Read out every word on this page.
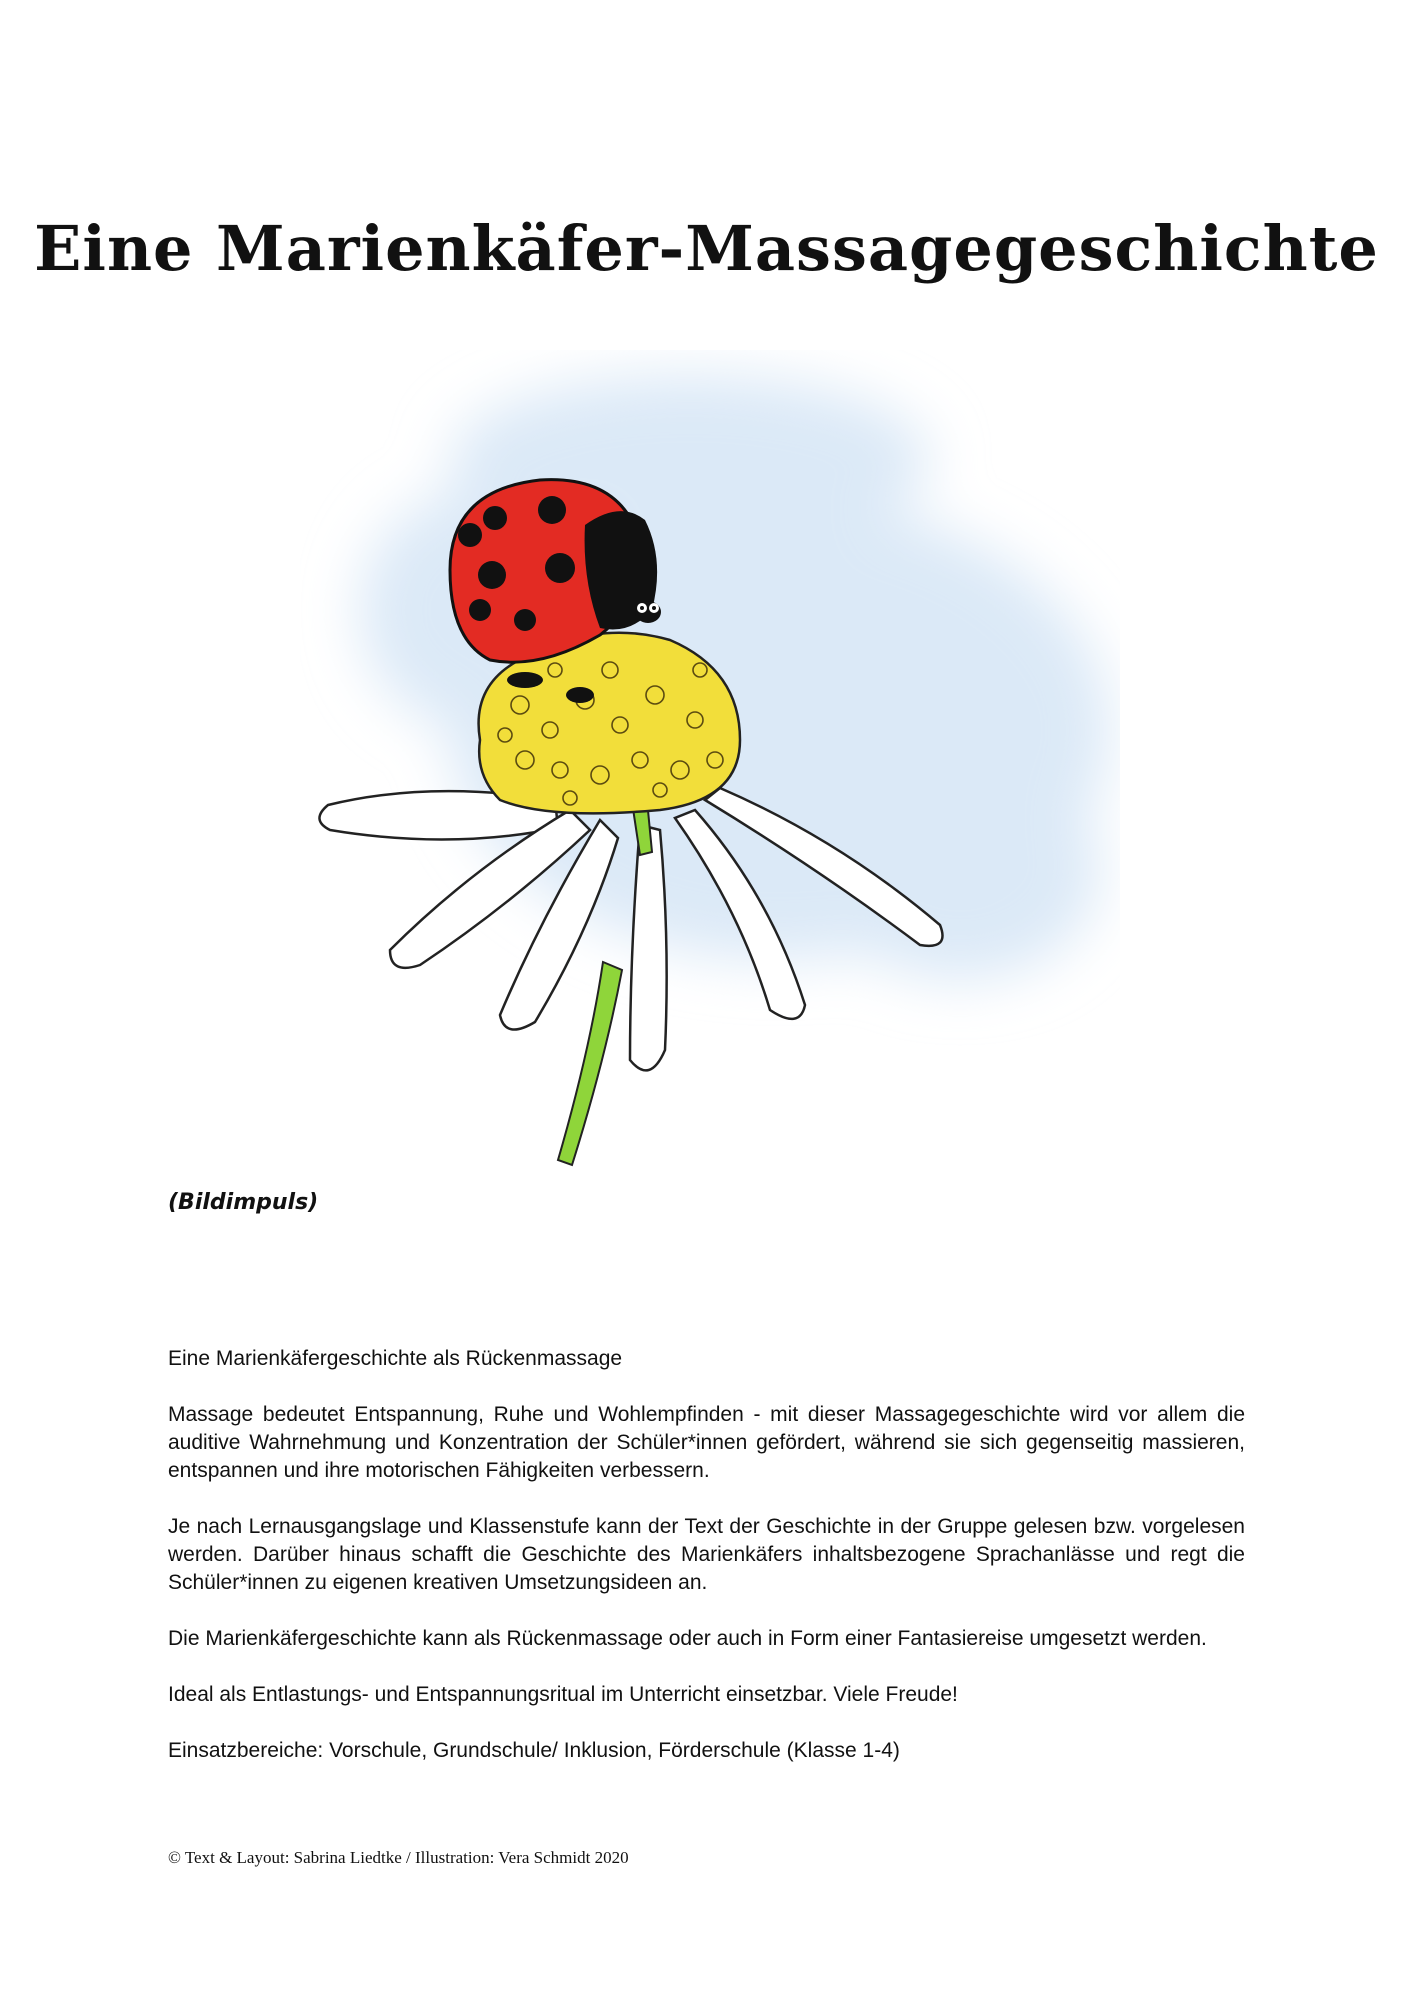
Eine Marienkäfer-Massagegeschichte
(Bildimpuls)

Eine Marienkäfergeschichte als Rückenmassage

Massage bedeutet Entspannung, Ruhe und Wohlempfinden - mit dieser Massagegeschichte wird vor allem die auditive Wahrnehmung und Konzentration der Schüler*innen gefördert, während sie sich gegenseitig massieren, entspannen und ihre motorischen Fähigkeiten verbessern.

Je nach Lernausgangslage und Klassenstufe kann der Text der Geschichte in der Gruppe gelesen bzw. vorgelesen werden. Darüber hinaus schafft die Geschichte des Marienkäfers inhaltsbezogene Sprachanlässe und regt die Schüler*innen zu eigenen kreativen Umsetzungsideen an.

Die Marienkäfergeschichte kann als Rückenmassage oder auch in Form einer Fantasiereise umgesetzt werden.

Ideal als Entlastungs- und Entspannungsritual im Unterricht einsetzbar. Viele Freude!

Einsatzbereiche: Vorschule, Grundschule/ Inklusion, Förderschule (Klasse 1-4)

© Text & Layout: Sabrina Liedtke / Illustration: Vera Schmidt 2020
